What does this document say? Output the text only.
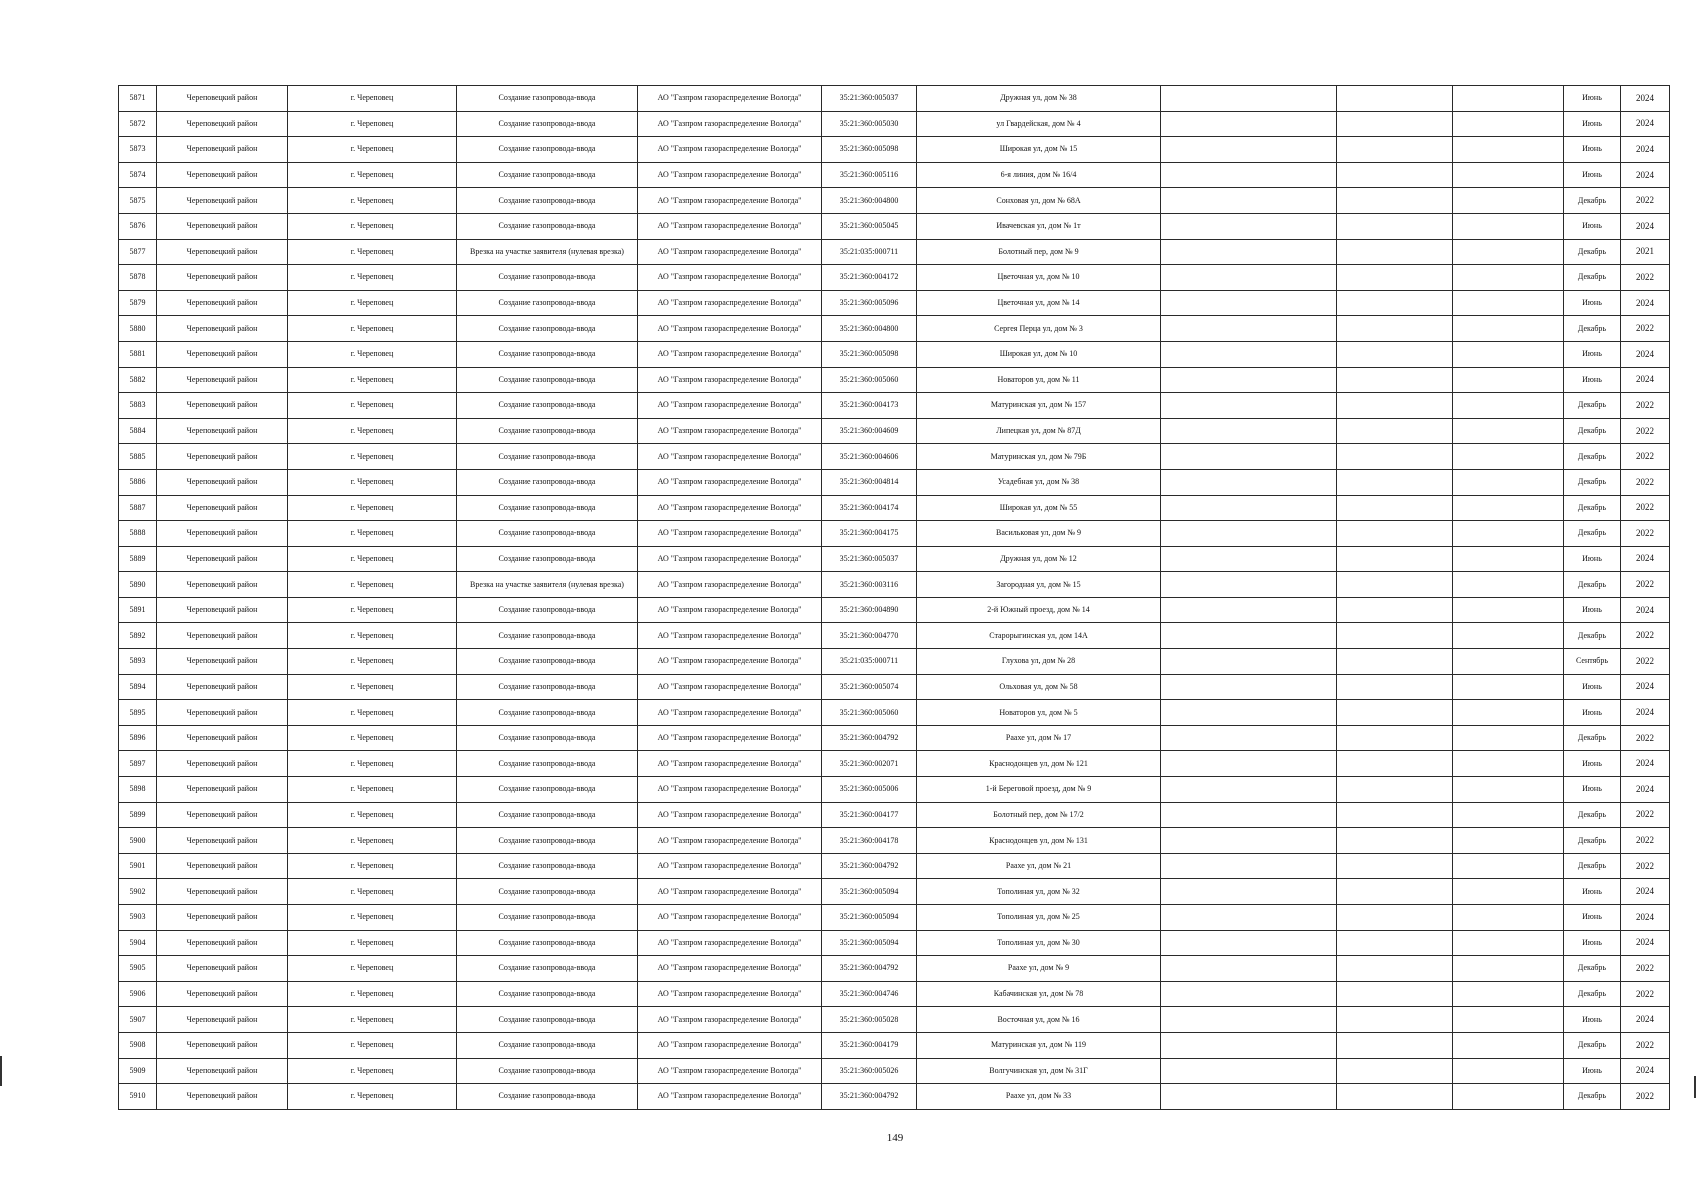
5871	Череповецкий район	г. Череповец	Создание газопровода-ввода	АО "Газпром газораспределение Вологда"	35:21:360:005037	Дружная ул, дом № 38				Июнь	2024
5872	Череповецкий район	г. Череповец	Создание газопровода-ввода	АО "Газпром газораспределение Вологда"	35:21:360:005030	ул Гвардейская, дом № 4				Июнь	2024
5873	Череповецкий район	г. Череповец	Создание газопровода-ввода	АО "Газпром газораспределение Вологда"	35:21:360:005098	Широкая ул, дом № 15				Июнь	2024
5874	Череповецкий район	г. Череповец	Создание газопровода-ввода	АО "Газпром газораспределение Вологда"	35:21:360:005116	6-я линия, дом № 16/4				Июнь	2024
5875	Череповецкий район	г. Череповец	Создание газопровода-ввода	АО "Газпром газораспределение Вологда"	35:21:360:004800	Сонховая ул, дом № 68А				Декабрь	2022
5876	Череповецкий район	г. Череповец	Создание газопровода-ввода	АО "Газпром газораспределение Вологда"	35:21:360:005045	Ивачевская ул, дом № 1т				Июнь	2024
5877	Череповецкий район	г. Череповец	Врезка на участке заявителя (нулевая врезка)	АО "Газпром газораспределение Вологда"	35:21:035:000711	Болотный пер, дом № 9				Декабрь	2021
5878	Череповецкий район	г. Череповец	Создание газопровода-ввода	АО "Газпром газораспределение Вологда"	35:21:360:004172	Цветочная ул, дом № 10				Декабрь	2022
5879	Череповецкий район	г. Череповец	Создание газопровода-ввода	АО "Газпром газораспределение Вологда"	35:21:360:005096	Цветочная ул, дом № 14				Июнь	2024
5880	Череповецкий район	г. Череповец	Создание газопровода-ввода	АО "Газпром газораспределение Вологда"	35:21:360:004800	Сергея Перца ул, дом № 3				Декабрь	2022
5881	Череповецкий район	г. Череповец	Создание газопровода-ввода	АО "Газпром газораспределение Вологда"	35:21:360:005098	Широкая ул, дом № 10				Июнь	2024
5882	Череповецкий район	г. Череповец	Создание газопровода-ввода	АО "Газпром газораспределение Вологда"	35:21:360:005060	Новаторов ул, дом № 11				Июнь	2024
5883	Череповецкий район	г. Череповец	Создание газопровода-ввода	АО "Газпром газораспределение Вологда"	35:21:360:004173	Матуринская ул, дом № 157				Декабрь	2022
5884	Череповецкий район	г. Череповец	Создание газопровода-ввода	АО "Газпром газораспределение Вологда"	35:21:360:004609	Липецкая ул, дом № 87Д				Декабрь	2022
5885	Череповецкий район	г. Череповец	Создание газопровода-ввода	АО "Газпром газораспределение Вологда"	35:21:360:004606	Матуринская ул, дом № 79Б				Декабрь	2022
5886	Череповецкий район	г. Череповец	Создание газопровода-ввода	АО "Газпром газораспределение Вологда"	35:21:360:004814	Усадебная ул, дом № 38				Декабрь	2022
5887	Череповецкий район	г. Череповец	Создание газопровода-ввода	АО "Газпром газораспределение Вологда"	35:21:360:004174	Широкая ул, дом № 55				Декабрь	2022
5888	Череповецкий район	г. Череповец	Создание газопровода-ввода	АО "Газпром газораспределение Вологда"	35:21:360:004175	Васильковая ул, дом № 9				Декабрь	2022
5889	Череповецкий район	г. Череповец	Создание газопровода-ввода	АО "Газпром газораспределение Вологда"	35:21:360:005037	Дружная ул, дом № 12				Июнь	2024
5890	Череповецкий район	г. Череповец	Врезка на участке заявителя (нулевая врезка)	АО "Газпром газораспределение Вологда"	35:21:360:003116	Загородная ул, дом № 15				Декабрь	2022
5891	Череповецкий район	г. Череповец	Создание газопровода-ввода	АО "Газпром газораспределение Вологда"	35:21:360:004890	2-й Южный проезд, дом № 14				Июнь	2024
5892	Череповецкий район	г. Череповец	Создание газопровода-ввода	АО "Газпром газораспределение Вологда"	35:21:360:004770	Старорыгинская ул, дом 14А				Декабрь	2022
5893	Череповецкий район	г. Череповец	Создание газопровода-ввода	АО "Газпром газораспределение Вологда"	35:21:035:000711	Глухова ул, дом № 28				Сентябрь	2022
5894	Череповецкий район	г. Череповец	Создание газопровода-ввода	АО "Газпром газораспределение Вологда"	35:21:360:005074	Ольховая ул, дом № 58				Июнь	2024
5895	Череповецкий район	г. Череповец	Создание газопровода-ввода	АО "Газпром газораспределение Вологда"	35:21:360:005060	Новаторов ул, дом № 5				Июнь	2024
5896	Череповецкий район	г. Череповец	Создание газопровода-ввода	АО "Газпром газораспределение Вологда"	35:21:360:004792	Раахе ул, дом № 17				Декабрь	2022
5897	Череповецкий район	г. Череповец	Создание газопровода-ввода	АО "Газпром газораспределение Вологда"	35:21:360:002071	Краснодонцев ул, дом № 121				Июнь	2024
5898	Череповецкий район	г. Череповец	Создание газопровода-ввода	АО "Газпром газораспределение Вологда"	35:21:360:005006	1-й Береговой проезд, дом № 9				Июнь	2024
5899	Череповецкий район	г. Череповец	Создание газопровода-ввода	АО "Газпром газораспределение Вологда"	35:21:360:004177	Болотный пер, дом № 17/2				Декабрь	2022
5900	Череповецкий район	г. Череповец	Создание газопровода-ввода	АО "Газпром газораспределение Вологда"	35:21:360:004178	Краснодонцев ул, дом № 131				Декабрь	2022
5901	Череповецкий район	г. Череповец	Создание газопровода-ввода	АО "Газпром газораспределение Вологда"	35:21:360:004792	Раахе ул, дом № 21				Декабрь	2022
5902	Череповецкий район	г. Череповец	Создание газопровода-ввода	АО "Газпром газораспределение Вологда"	35:21:360:005094	Тополиная ул, дом № 32				Июнь	2024
5903	Череповецкий район	г. Череповец	Создание газопровода-ввода	АО "Газпром газораспределение Вологда"	35:21:360:005094	Тополиная ул, дом № 25				Июнь	2024
5904	Череповецкий район	г. Череповец	Создание газопровода-ввода	АО "Газпром газораспределение Вологда"	35:21:360:005094	Тополиная ул, дом № 30				Июнь	2024
5905	Череповецкий район	г. Череповец	Создание газопровода-ввода	АО "Газпром газораспределение Вологда"	35:21:360:004792	Раахе ул, дом № 9				Декабрь	2022
5906	Череповецкий район	г. Череповец	Создание газопровода-ввода	АО "Газпром газораспределение Вологда"	35:21:360:004746	Кабачинская ул, дом № 78				Декабрь	2022
5907	Череповецкий район	г. Череповец	Создание газопровода-ввода	АО "Газпром газораспределение Вологда"	35:21:360:005028	Восточная ул, дом № 16				Июнь	2024
5908	Череповецкий район	г. Череповец	Создание газопровода-ввода	АО "Газпром газораспределение Вологда"	35:21:360:004179	Матуринская ул, дом № 119				Декабрь	2022
5909	Череповецкий район	г. Череповец	Создание газопровода-ввода	АО "Газпром газораспределение Вологда"	35:21:360:005026	Волгучинская ул, дом № 31Г				Июнь	2024
5910	Череповецкий район	г. Череповец	Создание газопровода-ввода	АО "Газпром газораспределение Вологда"	35:21:360:004792	Раахе ул, дом № 33				Декабрь	2022
149
